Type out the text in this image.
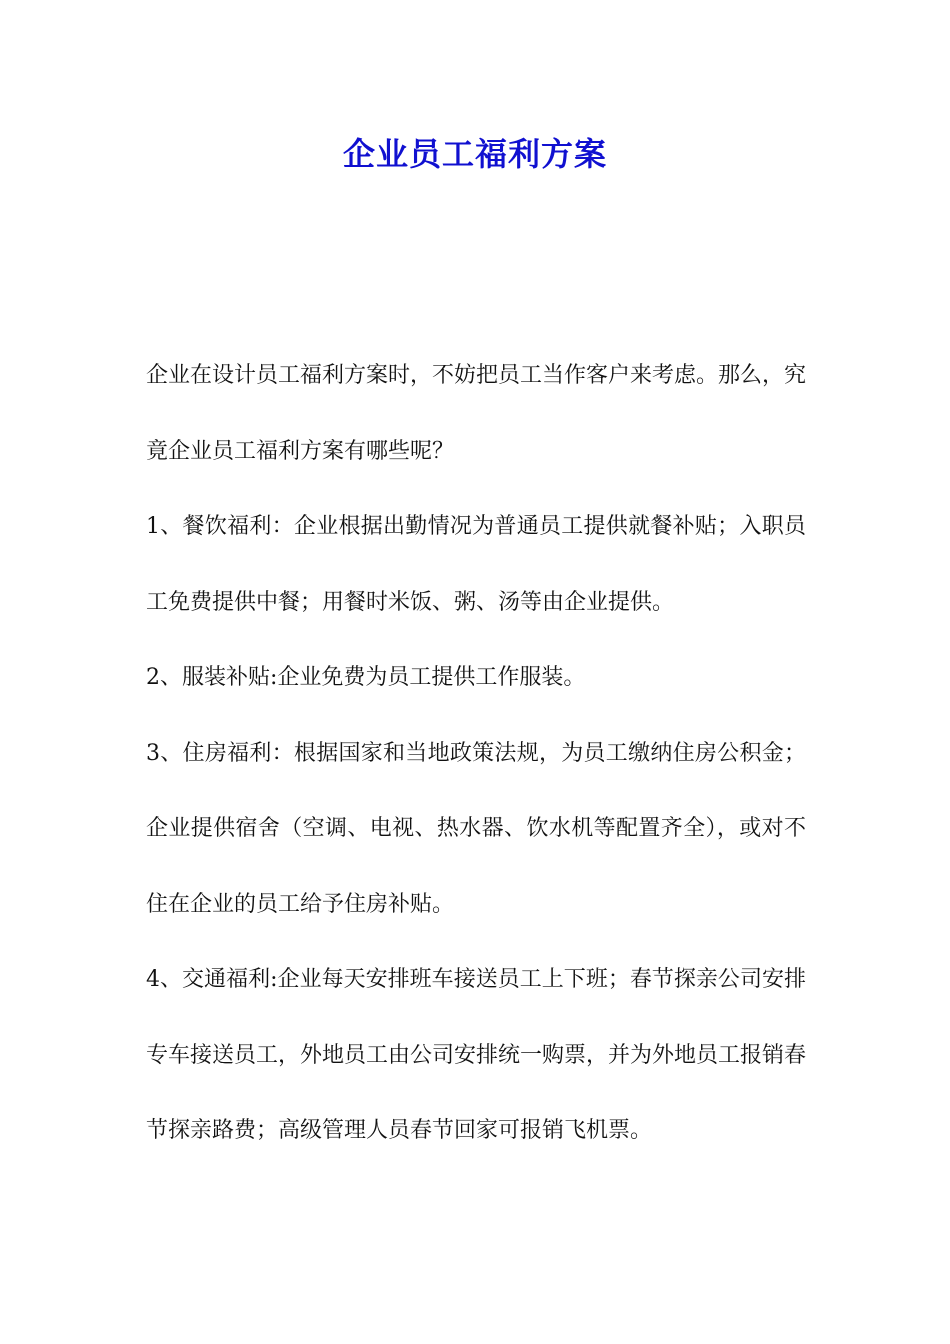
企业员工福利方案

企业在设计员工福利方案时，不妨把员工当作客户来考虑。那么，究竟企业员工福利方案有哪些呢？

1、餐饮福利：企业根据出勤情况为普通员工提供就餐补贴；入职员工免费提供中餐；用餐时米饭、粥、汤等由企业提供。

2、服装补贴:企业免费为员工提供工作服装。

3、住房福利：根据国家和当地政策法规，为员工缴纳住房公积金；企业提供宿舍（空调、电视、热水器、饮水机等配置齐全），或对不住在企业的员工给予住房补贴。

4、交通福利:企业每天安排班车接送员工上下班；春节探亲公司安排专车接送员工，外地员工由公司安排统一购票，并为外地员工报销春节探亲路费；高级管理人员春节回家可报销飞机票。
